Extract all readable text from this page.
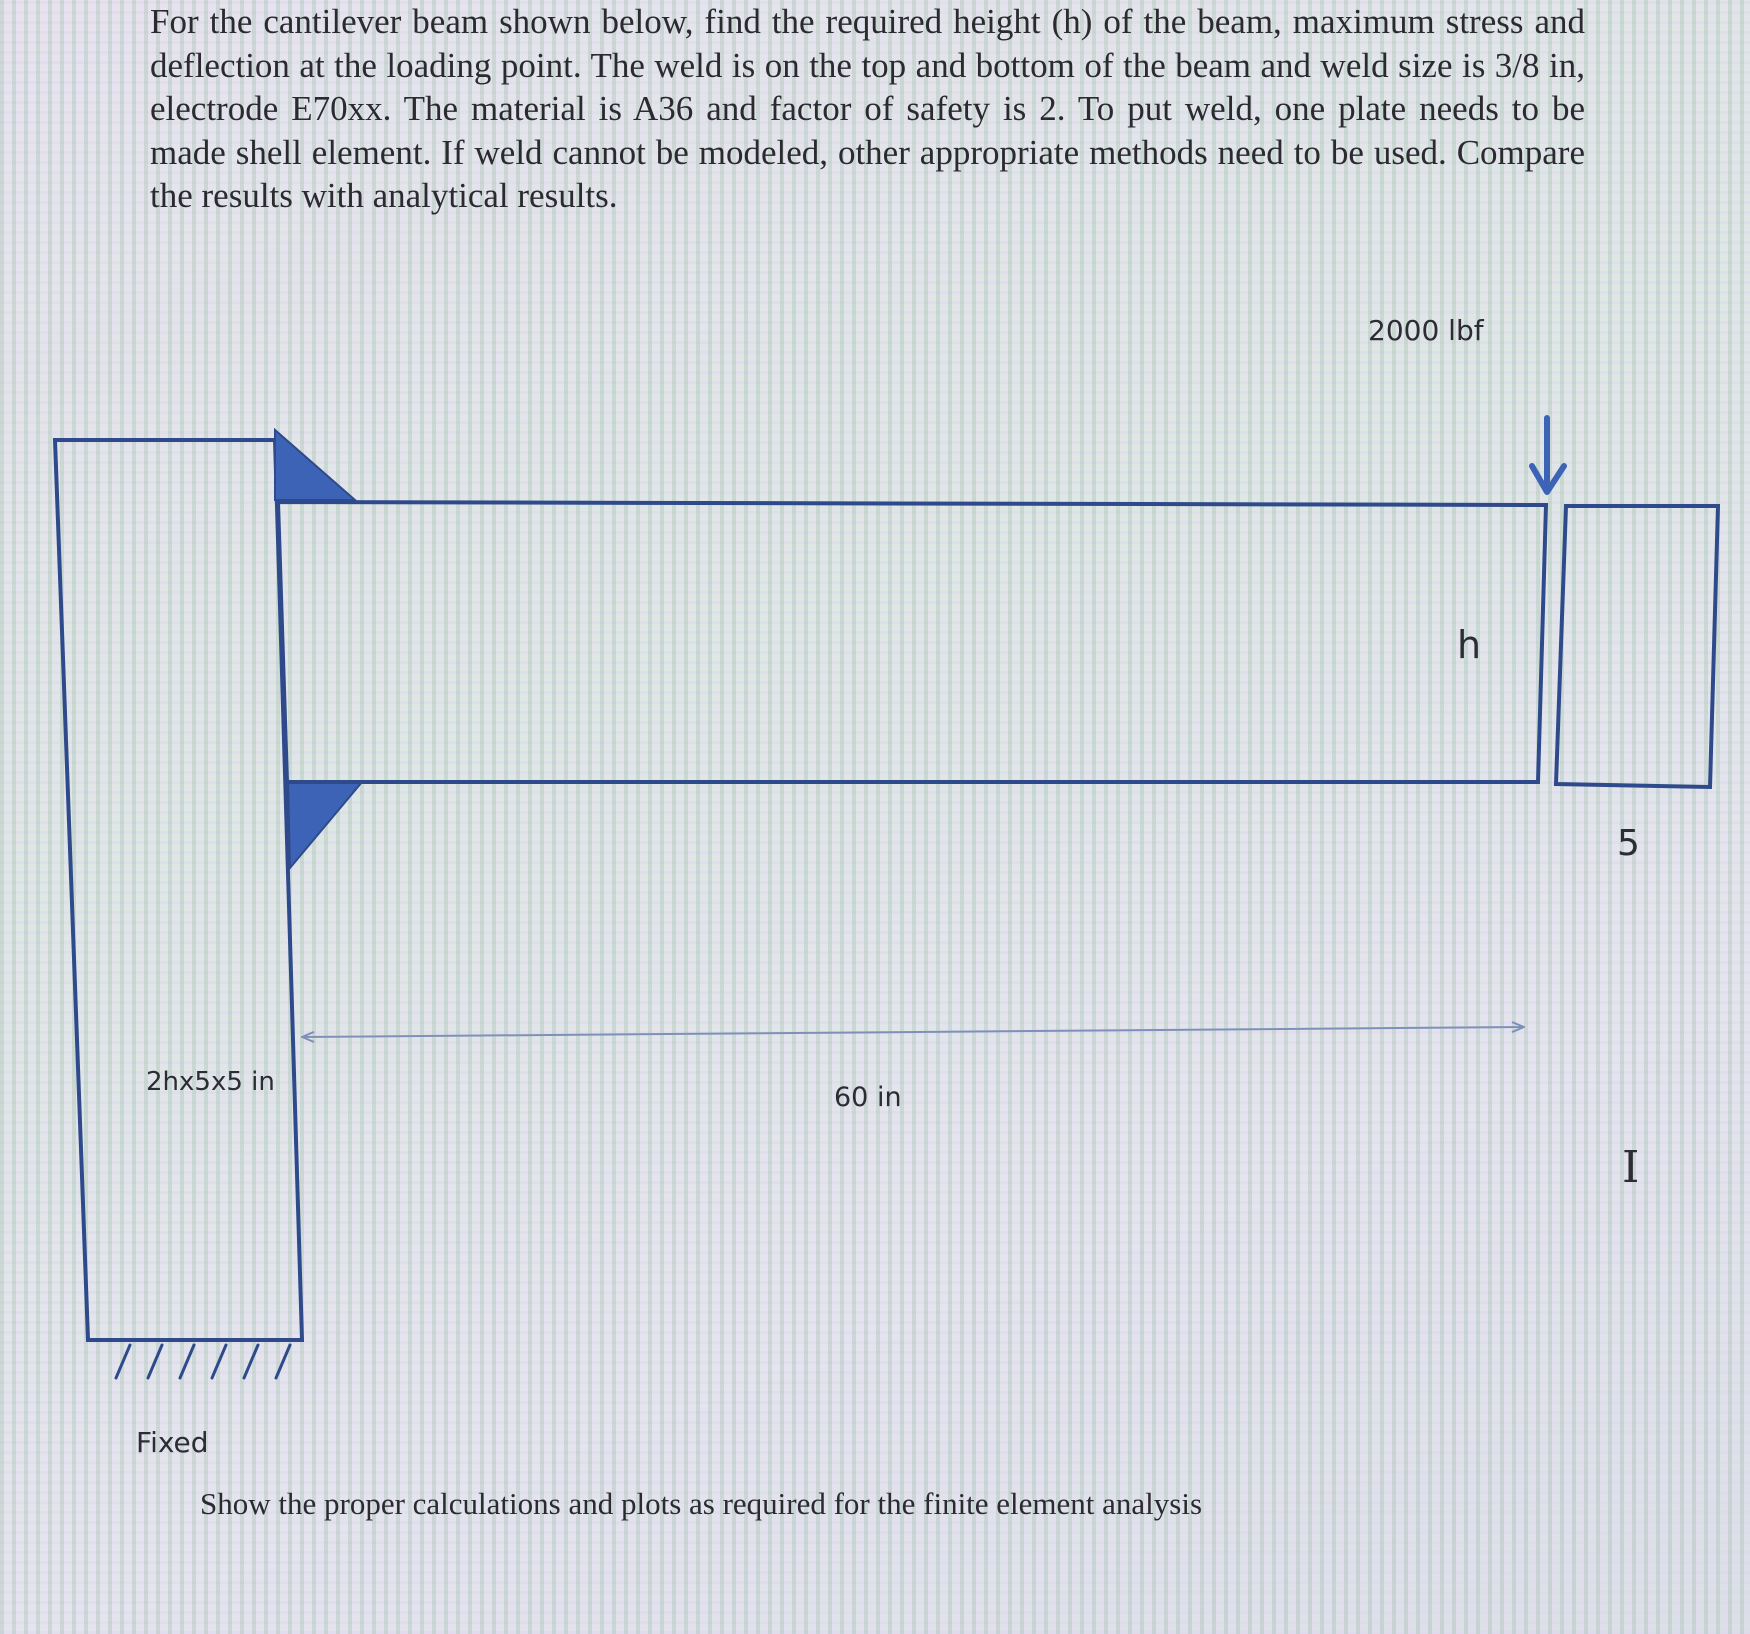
For the cantilever beam shown below, find the required height (h) of the beam, maximum stress and deflection at the loading point. The weld is on the top and bottom of the beam and weld size is 3/8 in, electrode E70xx. The material is A36 and factor of safety is 2. To put weld, one plate needs to be made shell element. If weld cannot be modeled, other appropriate methods need to be used. Compare the results with analytical results.

2000 lbf
h
5
I
2hx5x5 in	60 in
Fixed

Show the proper calculations and plots as required for the finite element analysis
